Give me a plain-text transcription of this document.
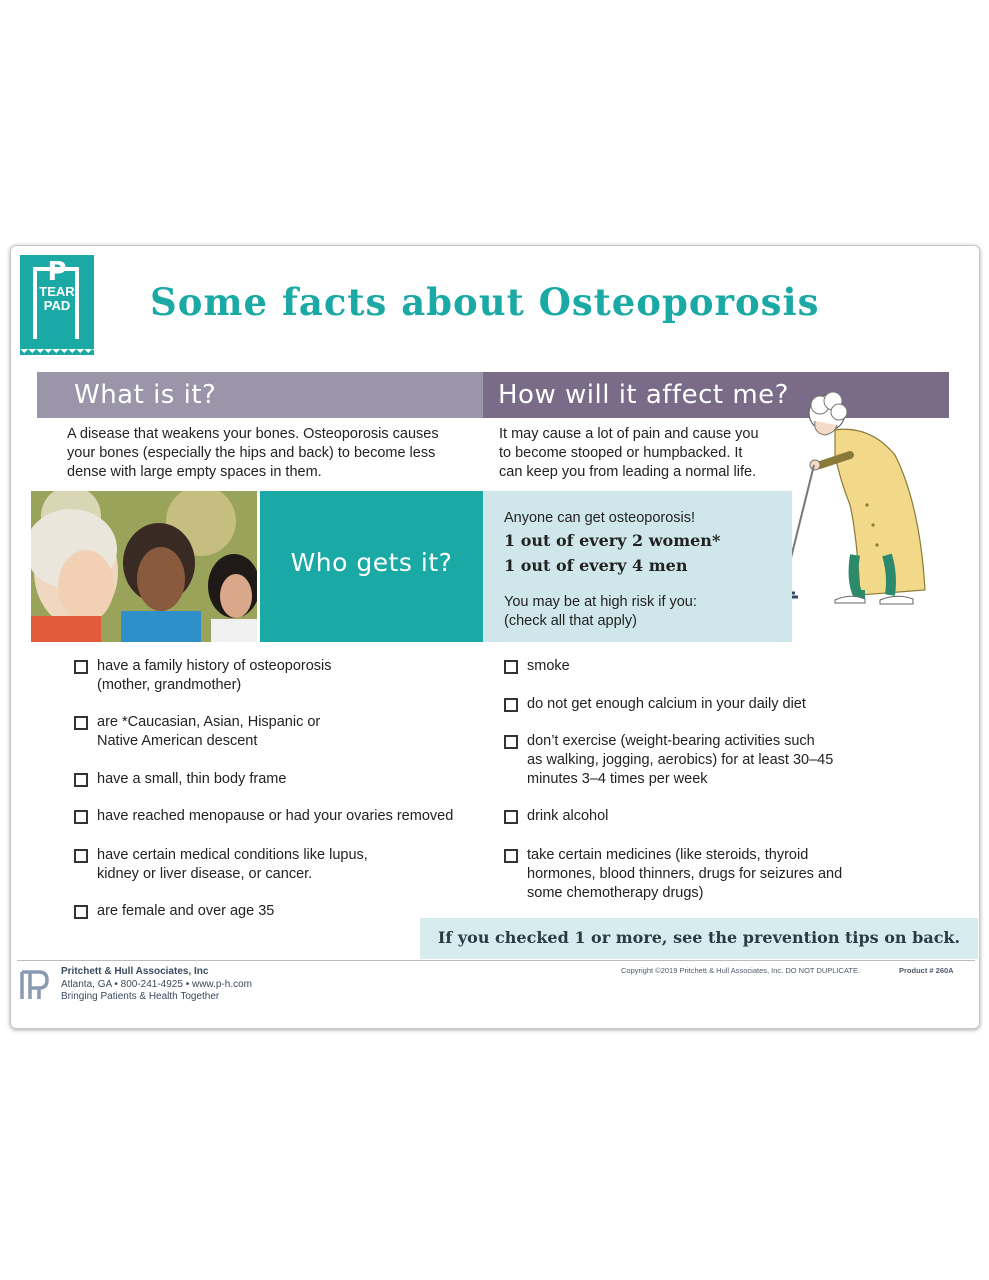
P
TEAR
PAD	Some facts about Osteoporosis
What is it?	How will it affect me?
A disease that weakens your bones. Osteoporosis causes
your bones (especially the hips and back) to become less
dense with large empty spaces in them.
It may cause a lot of pain and cause you
to become stooped or humpbacked. It
can keep you from leading a normal life.
Who gets it?
Anyone can get osteoporosis!
1 out of every 2 women*
1 out of every 4 men
You may be at high risk if you:
(check all that apply)
have a family history of osteoporosis
(mother, grandmother)
are *Caucasian, Asian, Hispanic or
Native American descent
have a small, thin body frame
have reached menopause or had your ovaries removed
have certain medical conditions like lupus,
kidney or liver disease, or cancer.
are female and over age 35
smoke
do not get enough calcium in your daily diet
don’t exercise (weight-bearing activities such
as walking, jogging, aerobics) for at least 30–45
minutes 3–4 times per week
drink alcohol
take certain medicines (like steroids, thyroid
hormones, blood thinners, drugs for seizures and
some chemotherapy drugs)
If you checked 1 or more, see the prevention tips on back.
Pritchett & Hull Associates, Inc
Atlanta, GA • 800-241-4925 • www.p-h.com
Bringing Patients & Health Together
Copyright ©2019 Pritchett & Hull Associates, Inc. DO NOT DUPLICATE.	Product # 260A
